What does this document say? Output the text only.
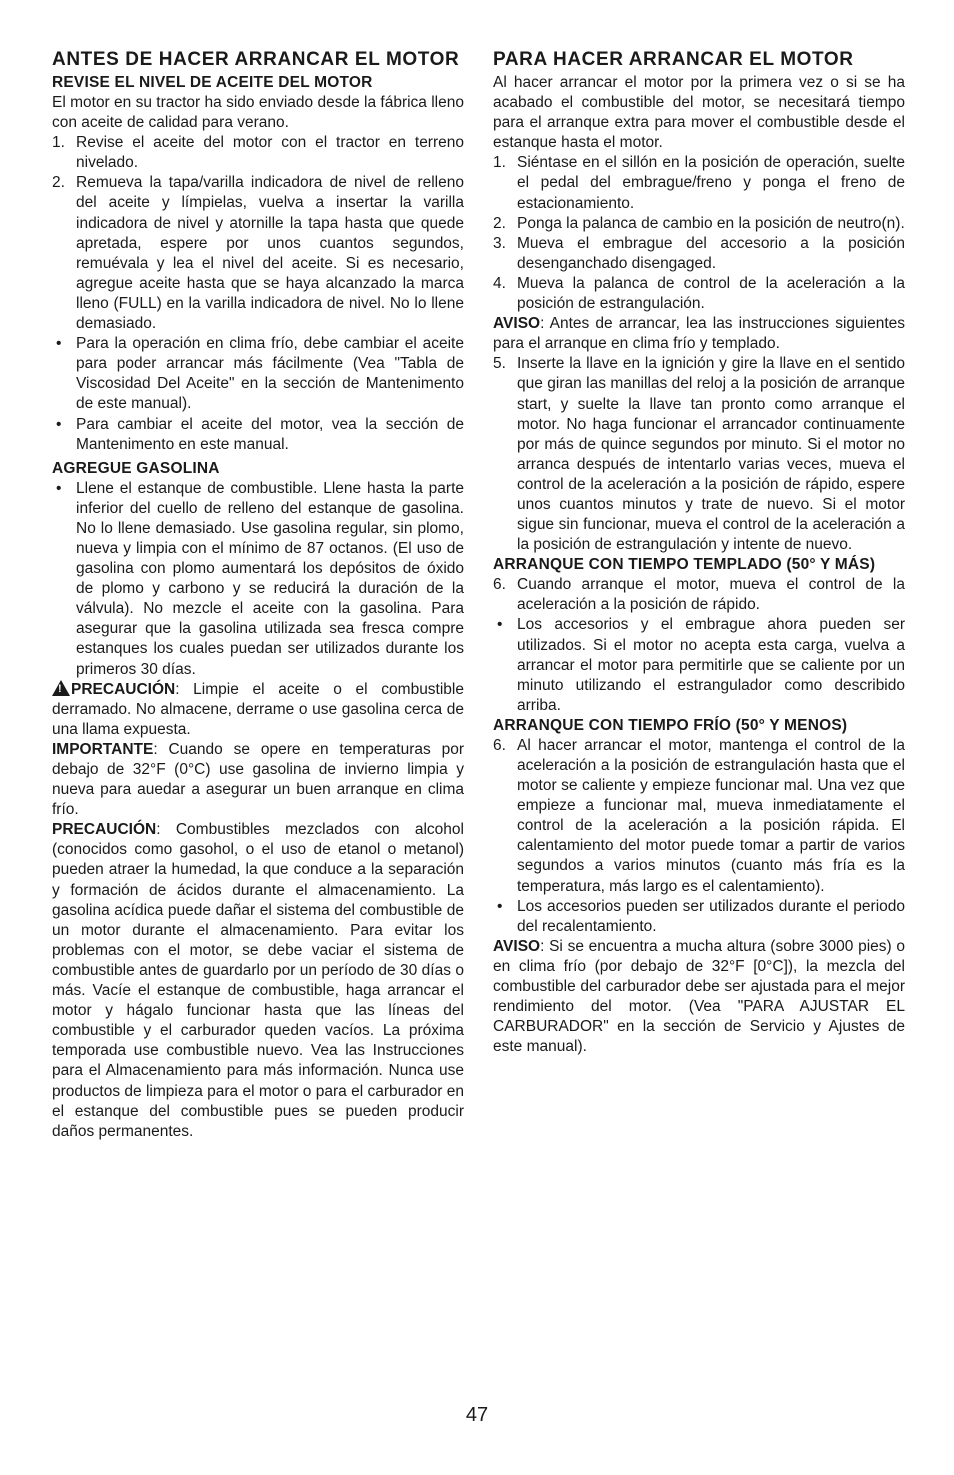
ANTES DE HACER ARRANCAR EL MOTOR
REVISE EL NIVEL DE ACEITE DEL MOTOR

El motor en su tractor ha sido enviado desde la fábrica lleno con aceite de calidad para verano.

1. Revise el aceite del motor con el tractor en terreno nivelado.
2. Remueva la tapa/varilla indicadora de nivel de relleno del aceite y límpielas, vuelva a insertar la varilla indicadora de nivel y atornille la tapa hasta que quede apretada, espere por unos cuantos segundos, remuévala y lea el nivel del aceite. Si es necesario, agregue aceite hasta que se haya alcanzado la marca lleno (FULL) en la varilla indicadora de nivel. No lo llene demasiado.
• Para la operación en clima frío, debe cambiar el aceite para poder arrancar más fácilmente (Vea "Tabla de Viscosidad Del Aceite" en la sección de Mantenimento de este manual).
• Para cambiar el aceite del motor, vea la sección de Mantenimento en este manual.
AGREGUE GASOLINA
• Llene el estanque de combustible. Llene hasta la parte inferior del cuello de relleno del estanque de gasolina. No lo llene demasiado. Use gasolina regular, sin plomo, nueva y limpia con el mínimo de 87 octanos. (El uso de gasolina con plomo aumentará los depósitos de óxido de plomo y carbono y se reducirá la duración de la válvula). No mezcle el aceite con la gasolina. Para asegurar que la gasolina utilizada sea fresca compre estanques los cuales puedan ser utilizados durante los primeros 30 días.

!PRECAUCIÓN: Limpie el aceite o el combustible derramado. No almacene, derrame o use gasolina cerca de una llama expuesta.

IMPORTANTE: Cuando se opere en temperaturas por debajo de 32°F (0°C) use gasolina de invierno limpia y nueva para auedar a asegurar un buen arranque en clima frío.

PRECAUCIÓN: Combustibles mezclados con alcohol (conocidos como gasohol, o el uso de etanol o metanol) pueden atraer la humedad, la que conduce a la separación y formación de ácidos durante el almacenamiento. La gasolina acídica puede dañar el sistema del combustible de un motor durante el almacenamiento. Para evitar los problemas con el motor, se debe vaciar el sistema de combustible antes de guardarlo por un período de 30 días o más. Vacíe el estanque de combustible, haga arrancar el motor y hágalo funcionar hasta que las líneas del combustible y el carburador queden vacíos. La próxima temporada use combustible nuevo. Vea las Instrucciones para el Almacenamiento para más información. Nunca use productos de limpieza para el motor o para el carburador en el estanque del combustible pues se pueden producir daños permanentes.

PARA HACER ARRANCAR EL MOTOR

Al hacer arrancar el motor por la primera vez o si se ha acabado el combustible del motor, se necesitará tiempo para el arranque extra para mover el combustible desde el estanque hasta el motor.

1. Siéntase en el sillón en la posición de operación, suelte el pedal del embrague/freno y ponga el freno de estacionamiento.
2. Ponga la palanca de cambio en la posición de neutro(n).
3. Mueva el embrague del accesorio a la posición desenganchado disengaged.
4. Mueva la palanca de control de la aceleración a la posición de estrangulación.

AVISO: Antes de arrancar, lea las instrucciones siguientes para el arranque en clima frío y templado.

5. Inserte la llave en la ignición y gire la llave en el sentido que giran las manillas del reloj a la posición de arranque start, y suelte la llave tan pronto como arranque el motor. No haga funcionar el arrancador continuamente por más de quince segundos por minuto. Si el motor no arranca después de intentarlo varias veces, mueva el control de la aceleración a la posición de rápido, espere unos cuantos minutos y trate de nuevo. Si el motor sigue sin funcionar, mueva el control de la aceleración a la posición de estrangulación y intente de nuevo.
ARRANQUE CON TIEMPO TEMPLADO (50° Y MÁS)
6. Cuando arranque el motor, mueva el control de la aceleración a la posición de rápido.
• Los accesorios y el embrague ahora pueden ser utilizados. Si el motor no acepta esta carga, vuelva a arrancar el motor para permitirle que se caliente por un minuto utilizando el estrangulador como describido arriba.
ARRANQUE CON TIEMPO FRÍO (50° Y MENOS)
6. Al hacer arrancar el motor, mantenga el control de la aceleración a la posición de estrangulación hasta que el motor se caliente y empieze funcionar mal. Una vez que empieze a funcionar mal, mueva inmediatamente el control de la aceleración a la posición rápida. El calentamiento del motor puede tomar a partir de varios segundos a varios minutos (cuanto más fría es la temperatura, más largo es el calentamiento).
• Los accesorios pueden ser utilizados durante el periodo del recalentamiento.

AVISO: Si se encuentra a mucha altura (sobre 3000 pies) o en clima frío (por debajo de 32°F [0°C]), la mezcla del combustible del carburador debe ser ajustada para el mejor rendimiento del motor. (Vea "PARA AJUSTAR EL CARBURADOR" en la sección de Servicio y Ajustes de este manual).

47
